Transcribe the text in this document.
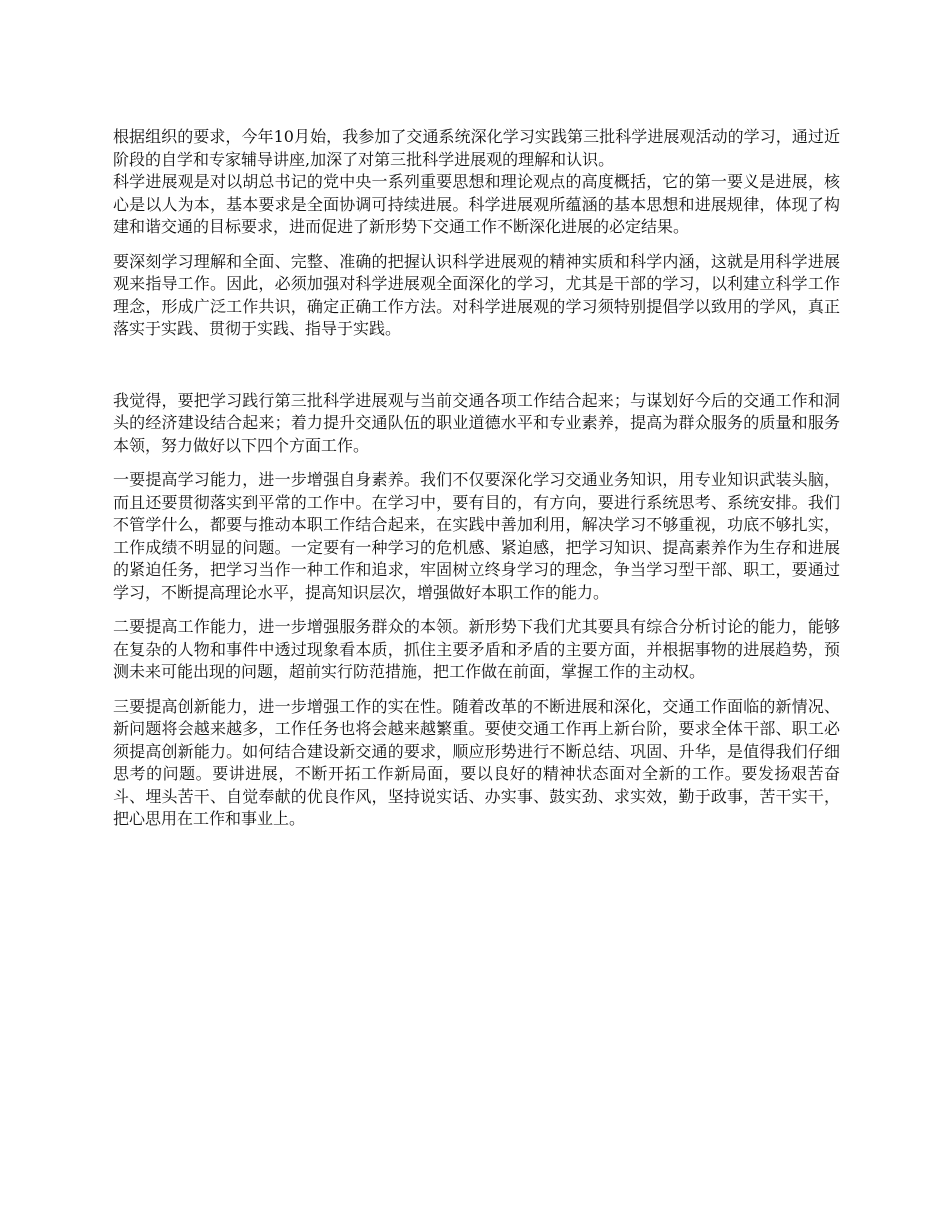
根据组织的要求，今年10月始，我参加了交通系统深化学习实践第三批科学进展观活动的学习，通过近阶段的自学和专家辅导讲座,加深了对第三批科学进展观的理解和认识。
科学进展观是对以胡总书记的党中央一系列重要思想和理论观点的高度概括，它的第一要义是进展，核心是以人为本，基本要求是全面协调可持续进展。科学进展观所蕴涵的基本思想和进展规律，体现了构建和谐交通的目标要求，进而促进了新形势下交通工作不断深化进展的必定结果。

要深刻学习理解和全面、完整、准确的把握认识科学进展观的精神实质和科学内涵，这就是用科学进展观来指导工作。因此，必须加强对科学进展观全面深化的学习，尤其是干部的学习，以利建立科学工作理念，形成广泛工作共识，确定正确工作方法。对科学进展观的学习须特别提倡学以致用的学风，真正落实于实践、贯彻于实践、指导于实践。

我觉得，要把学习践行第三批科学进展观与当前交通各项工作结合起来；与谋划好今后的交通工作和洞头的经济建设结合起来；着力提升交通队伍的职业道德水平和专业素养，提高为群众服务的质量和服务本领，努力做好以下四个方面工作。

一要提高学习能力，进一步增强自身素养。我们不仅要深化学习交通业务知识，用专业知识武装头脑，而且还要贯彻落实到平常的工作中。在学习中，要有目的，有方向，要进行系统思考、系统安排。我们不管学什么，都要与推动本职工作结合起来，在实践中善加利用，解决学习不够重视，功底不够扎实，工作成绩不明显的问题。一定要有一种学习的危机感、紧迫感，把学习知识、提高素养作为生存和进展的紧迫任务，把学习当作一种工作和追求，牢固树立终身学习的理念，争当学习型干部、职工，要通过学习，不断提高理论水平，提高知识层次，增强做好本职工作的能力。

二要提高工作能力，进一步增强服务群众的本领。新形势下我们尤其要具有综合分析讨论的能力，能够在复杂的人物和事件中透过现象看本质，抓住主要矛盾和矛盾的主要方面，并根据事物的进展趋势，预测未来可能出现的问题，超前实行防范措施，把工作做在前面，掌握工作的主动权。

三要提高创新能力，进一步增强工作的实在性。随着改革的不断进展和深化，交通工作面临的新情况、新问题将会越来越多，工作任务也将会越来越繁重。要使交通工作再上新台阶，要求全体干部、职工必须提高创新能力。如何结合建设新交通的要求，顺应形势进行不断总结、巩固、升华，是值得我们仔细思考的问题。要讲进展，不断开拓工作新局面，要以良好的精神状态面对全新的工作。要发扬艰苦奋斗、埋头苦干、自觉奉献的优良作风，坚持说实话、办实事、鼓实劲、求实效，勤于政事，苦干实干，把心思用在工作和事业上。
